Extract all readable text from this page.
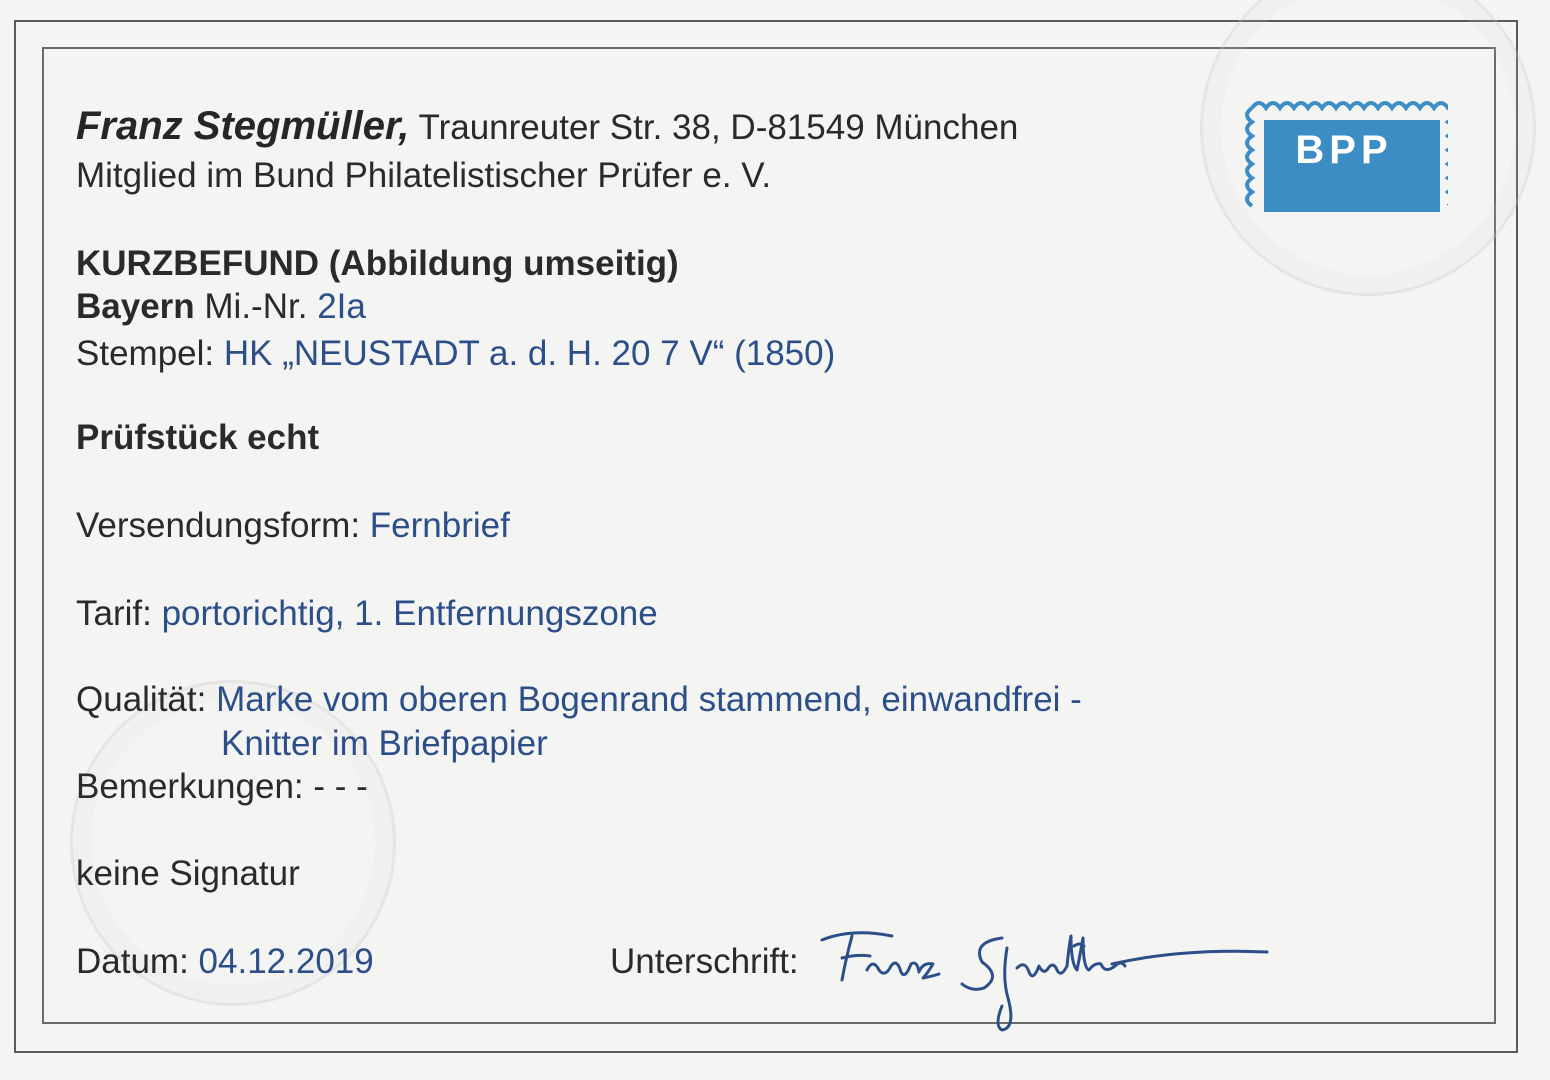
Franz Stegmüller, Traunreuter Str. 38, D-81549 München
Mitglied im Bund Philatelistischer Prüfer e. V.
BPP
KURZBEFUND (Abbildung umseitig)
Bayern Mi.-Nr. 2Ia
Stempel: HK „NEUSTADT a. d. H. 20 7 V“ (1850)
Prüfstück echt
Versendungsform: Fernbrief
Tarif: portorichtig, 1. Entfernungszone
Qualität: Marke vom oberen Bogenrand stammend, einwandfrei -
Knitter im Briefpapier
Bemerkungen: - - -
keine Signatur
Datum: 04.12.2019	Unterschrift:
